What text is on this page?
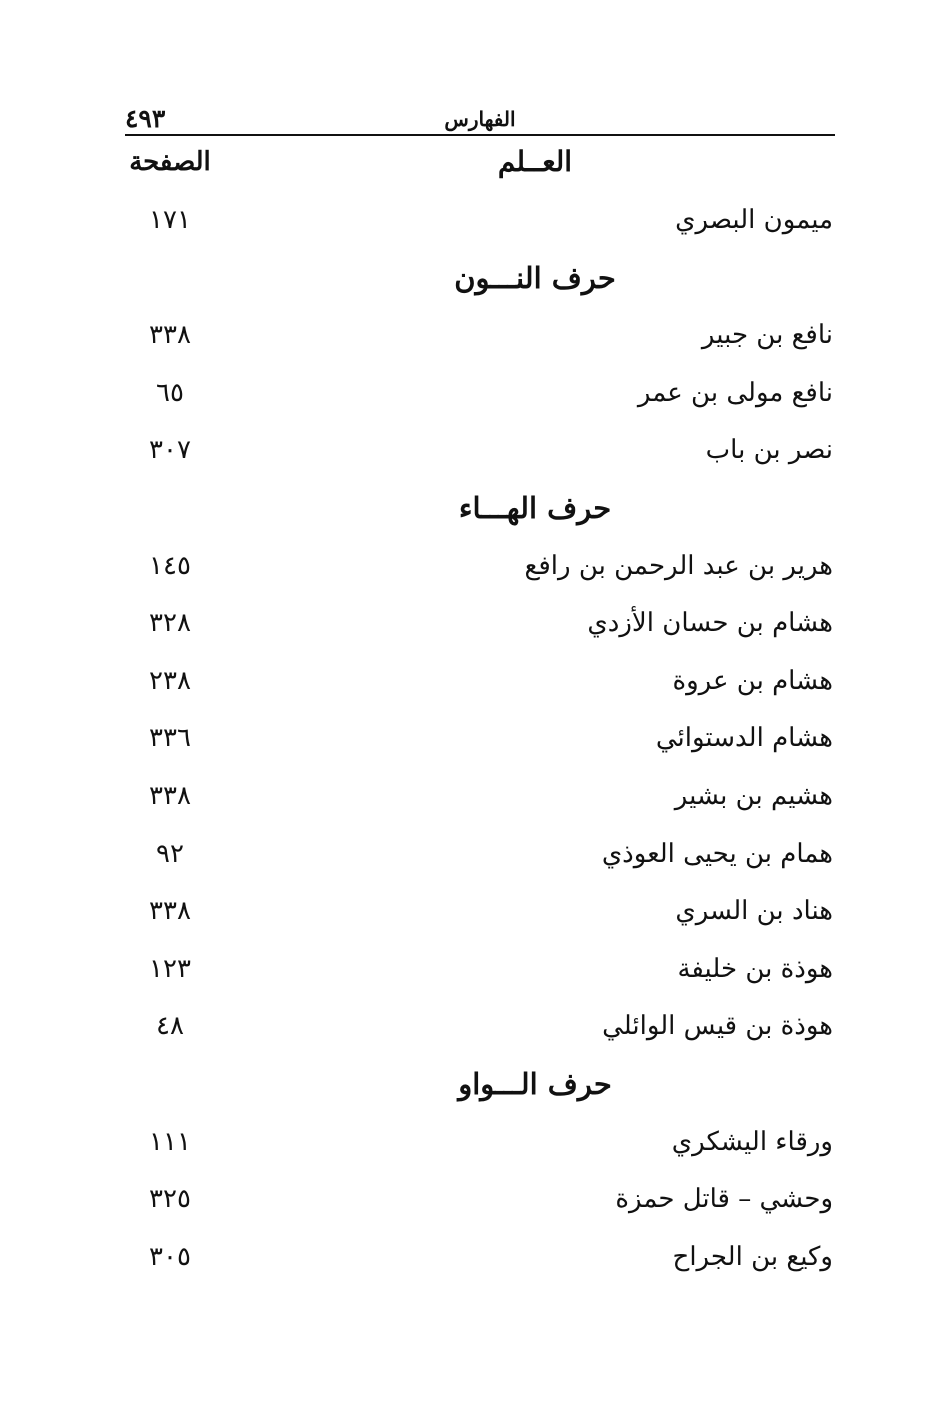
٤٩٣	الفهارس
الصفحة	العــلم
ميمون البصري
١٧١
حرف النـــون
نافع بن جبير
٣٣٨
نافع مولى بن عمر
٦٥
نصر بن باب
٣٠٧
حرف الهـــاء
هرير بن عبد الرحمن بن رافع
١٤٥
هشام بن حسان الأزدي
٣٢٨
هشام بن عروة
٢٣٨
هشام الدستوائي
٣٣٦
هشيم بن بشير
٣٣٨
همام بن يحيى العوذي
٩٢
هناد بن السري
٣٣٨
هوذة بن خليفة
١٢٣
هوذة بن قيس الوائلي
٤٨
حرف الـــواو
ورقاء اليشكري
١١١
وحشي – قاتل حمزة
٣٢٥
وكيع بن الجراح
٣٠٥
